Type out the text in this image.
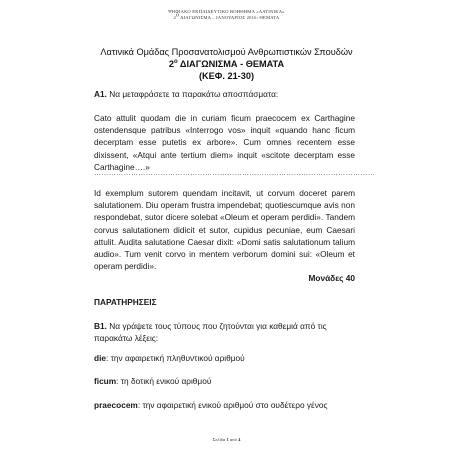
ΨΗΦΙΑΚΟ ΕΚΠΑΙΔΕΥΤΙΚΟ ΒΟΗΘΗΜΑ «ΛΑΤΙΝΙΚΑ»
2ο ΔΙΑΓΩΝΙΣΜΑ – ΙΑΝΟΥΑΡΙΟΣ 2016: ΘΕΜΑΤΑ
Λατινικά Ομάδας Προσανατολισμού Ανθρωπιστικών Σπουδών
$2^o$ ΔΙΑΓΩΝΙΣΜΑ - ΘΕΜΑΤΑ
(ΚΕΦ. 21-30)
Α1. Να μεταφράσετε τα παρακάτω αποσπάσματα:
Cato attulit quodam die in curiam ficum praecocem ex Carthagine ostendensque patribus «Interrogo vos» inquit «quando hanc ficum decerptam esse putetis ex arbore». Cum omnes recentem esse dixissent, «Atqui ante tertium diem» inquit «scitote decerptam esse Carthagine….»
……………………………………………………………………………………………………
Id exemplum sutorem quendam incitavit, ut corvum doceret parem salutationem. Diu operam frustra impendebat; quotiescumque avis non respondebat, sutor dicere solebat «Oleum et operam perdidi». Tandem corvus salutationem didicit et sutor, cupidus pecuniae, eum Caesari attulit. Audita salutatione Caesar dixit: «Domi satis salutationum talium audio». Tum venit corvo in mentem verborum domini sui: «Oleum et operam perdidi».
Μονάδες 40
ΠΑΡΑΤΗΡΗΣΕΙΣ
Β1. Να γράψετε τους τύπους που ζητούνται για καθεμιά από τις παρακάτω λέξεις:
die: την αφαιρετική πληθυντικού αριθμού
ficum: τη δοτική ενικού αριθμού
praecocem: την αφαιρετική ενικού αριθμού στο ουδέτερο γένος
Σελίδα 1 από 4
